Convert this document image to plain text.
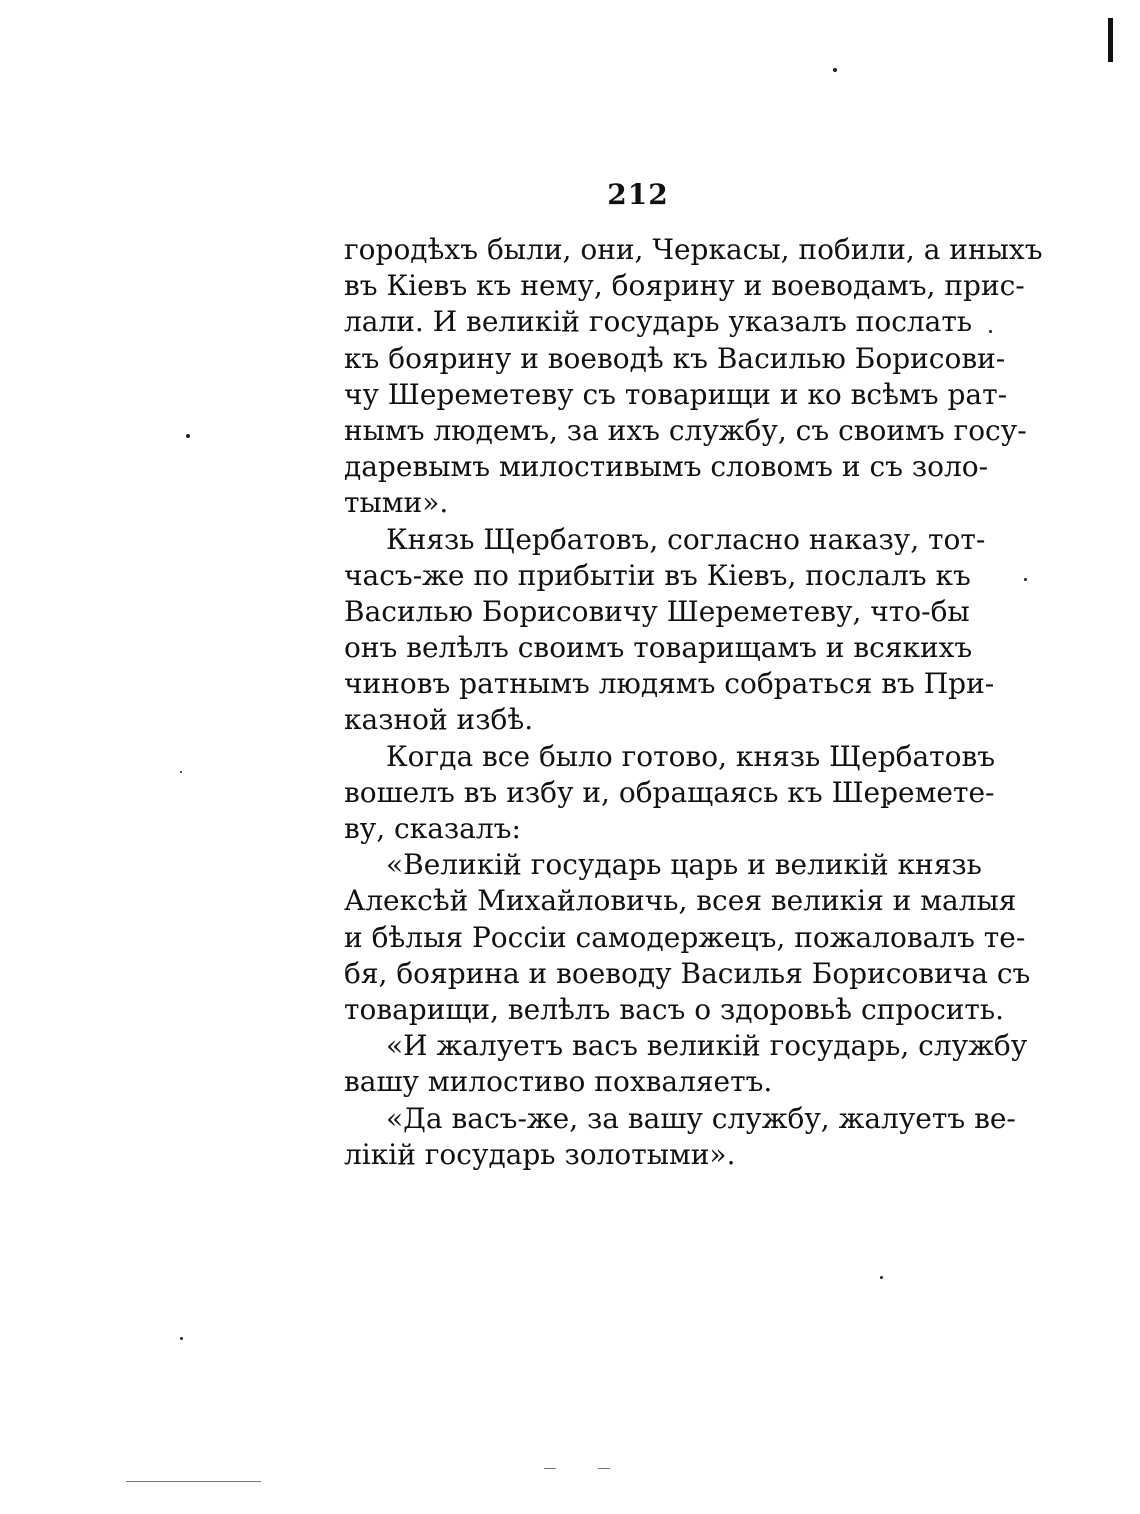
212
городѣхъ были, они, Черкасы, побили, а иныхъ
въ Кіевъ къ нему, боярину и воеводамъ, прис-
лали. И великій государь указалъ послать
къ боярину и воеводѣ къ Василью Борисови-
чу Шереметеву съ товарищи и ко всѣмъ рат-
нымъ людемъ, за ихъ службу, съ своимъ госу-
даревымъ милостивымъ словомъ и съ золо-
тыми».
Князь Щербатовъ, согласно наказу, тот-
часъ-же по прибытіи въ Кіевъ, послалъ къ
Василью Борисовичу Шереметеву, что-бы
онъ велѣлъ своимъ товарищамъ и всякихъ
чиновъ ратнымъ людямъ собраться въ При-
казной избѣ.
Когда все было готово, князь Щербатовъ
вошелъ въ избу и, обращаясь къ Шереметe-
ву, сказалъ:
«Великій государь царь и великій князь
Алексѣй Михайловичь, всея великія и малыя
и бѣлыя Россіи самодержецъ, пожаловалъ те-
бя, боярина и воеводу Василья Борисовича съ
товарищи, велѣлъ васъ о здоровьѣ спросить.
«И жалуетъ васъ великій государь, службу
вашу милостиво похваляетъ.
«Да васъ-же, за вашу службу, жалуетъ ве-
лікій государь золотыми».
